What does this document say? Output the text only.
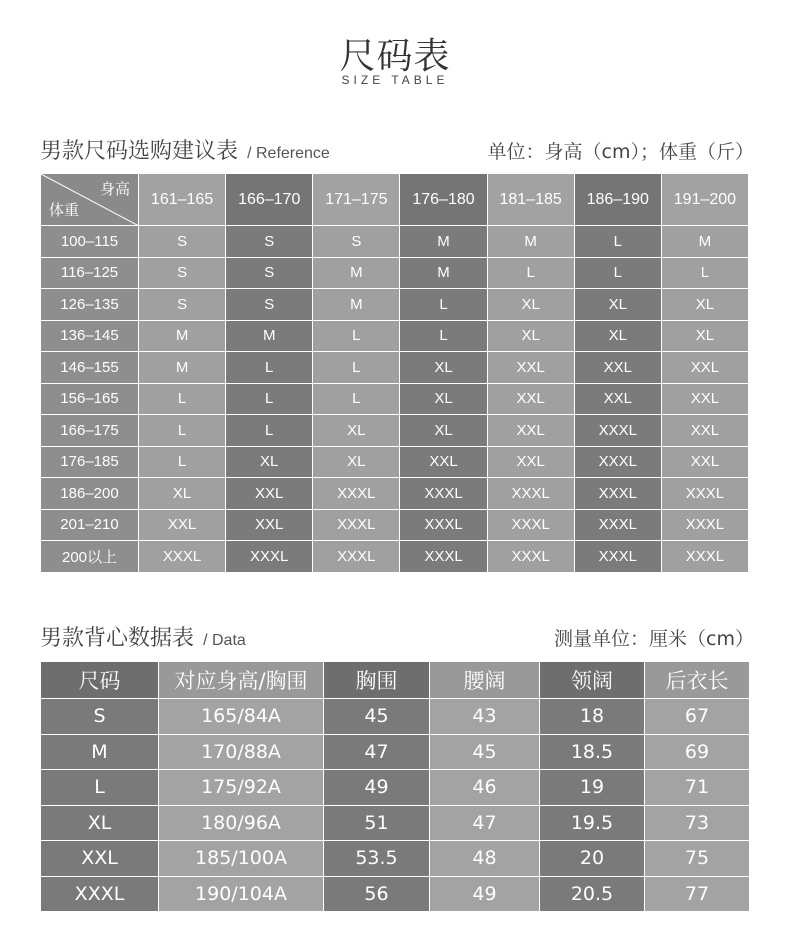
尺码表
SIZE TABLE
男款尺码选购建议表 / Reference	单位：身高（cm）；体重（斤）
身高
体重	161–165	166–170	171–175	176–180	181–185	186–190	191–200
100–115	S	S	S	M	M	L	M
116–125	S	S	M	M	L	L	L
126–135	S	S	M	L	XL	XL	XL
136–145	M	M	L	L	XL	XL	XL
146–155	M	L	L	XL	XXL	XXL	XXL
156–165	L	L	L	XL	XXL	XXL	XXL
166–175	L	L	XL	XL	XXL	XXXL	XXL
176–185	L	XL	XL	XXL	XXL	XXXL	XXL
186–200	XL	XXL	XXXL	XXXL	XXXL	XXXL	XXXL
201–210	XXL	XXL	XXXL	XXXL	XXXL	XXXL	XXXL
200以上	XXXL	XXXL	XXXL	XXXL	XXXL	XXXL	XXXL
男款背心数据表 / Data	测量单位：厘米（cm）
尺码	对应身高/胸围	胸围	腰阔	领阔	后衣长
S	165/84A	45	43	18	67
M	170/88A	47	45	18.5	69
L	175/92A	49	46	19	71
XL	180/96A	51	47	19.5	73
XXL	185/100A	53.5	48	20	75
XXXL	190/104A	56	49	20.5	77
